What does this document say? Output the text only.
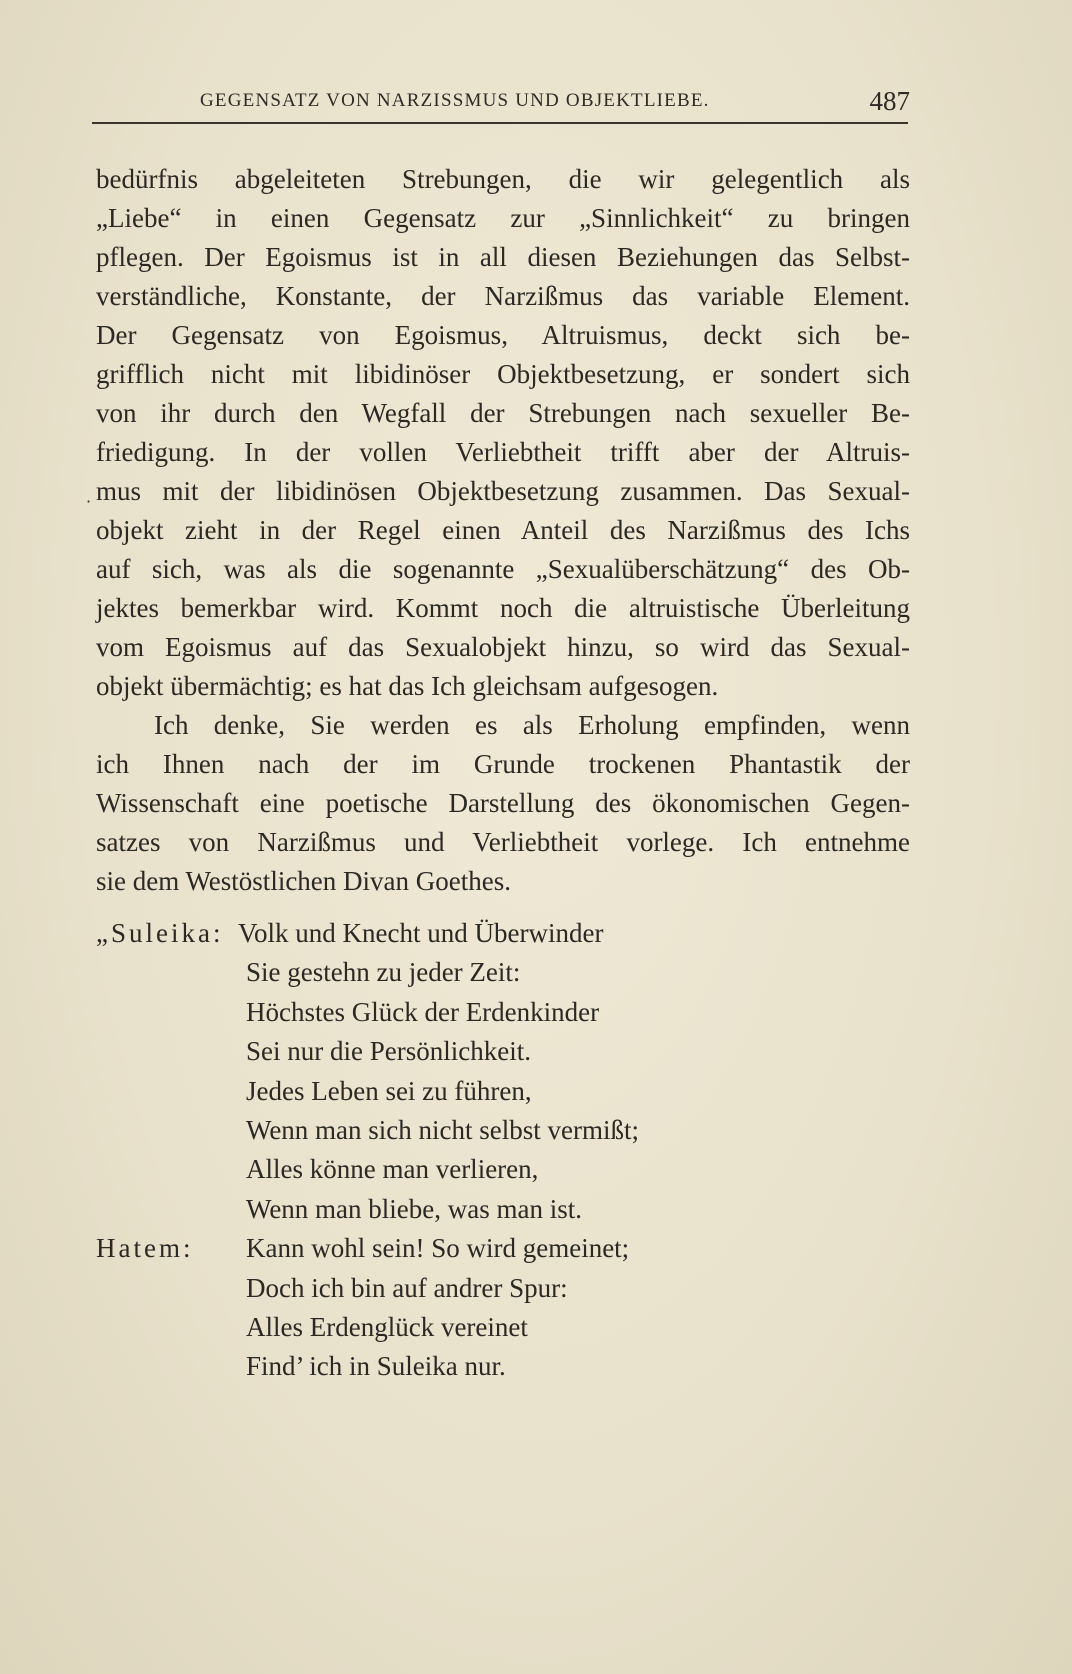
GEGENSATZ VON NARZISSMUS UND OBJEKTLIEBE.	487
·
bedürfnis abgeleiteten Strebungen, die wir gelegentlich als
„Liebe“ in einen Gegensatz zur „Sinnlichkeit“ zu bringen
pflegen. Der Egoismus ist in all diesen Beziehungen das Selbst-
verständliche, Konstante, der Narzißmus das variable Element.
Der Gegensatz von Egoismus, Altruismus, deckt sich be-
grifflich nicht mit libidinöser Objektbesetzung, er sondert sich
von ihr durch den Wegfall der Strebungen nach sexueller Be-
friedigung. In der vollen Verliebtheit trifft aber der Altruis-
mus mit der libidinösen Objektbesetzung zusammen. Das Sexual-
objekt zieht in der Regel einen Anteil des Narzißmus des Ichs
auf sich, was als die sogenannte „Sexualüberschätzung“ des Ob-
jektes bemerkbar wird. Kommt noch die altruistische Überleitung
vom Egoismus auf das Sexualobjekt hinzu, so wird das Sexual-
objekt übermächtig; es hat das Ich gleichsam aufgesogen.
Ich denke, Sie werden es als Erholung empfinden, wenn
ich Ihnen nach der im Grunde trockenen Phantastik der
Wissenschaft eine poetische Darstellung des ökonomischen Gegen-
satzes von Narzißmus und Verliebtheit vorlege. Ich entnehme
sie dem Westöstlichen Divan Goethes.
„Suleika: Volk und Knecht und Überwinder
Sie gestehn zu jeder Zeit:
Höchstes Glück der Erdenkinder
Sei nur die Persönlichkeit.
Jedes Leben sei zu führen,
Wenn man sich nicht selbst vermißt;
Alles könne man verlieren,
Wenn man bliebe, was man ist.
Hatem: Kann wohl sein! So wird gemeinet;
Doch ich bin auf andrer Spur:
Alles Erdenglück vereinet
Find’ ich in Suleika nur.
